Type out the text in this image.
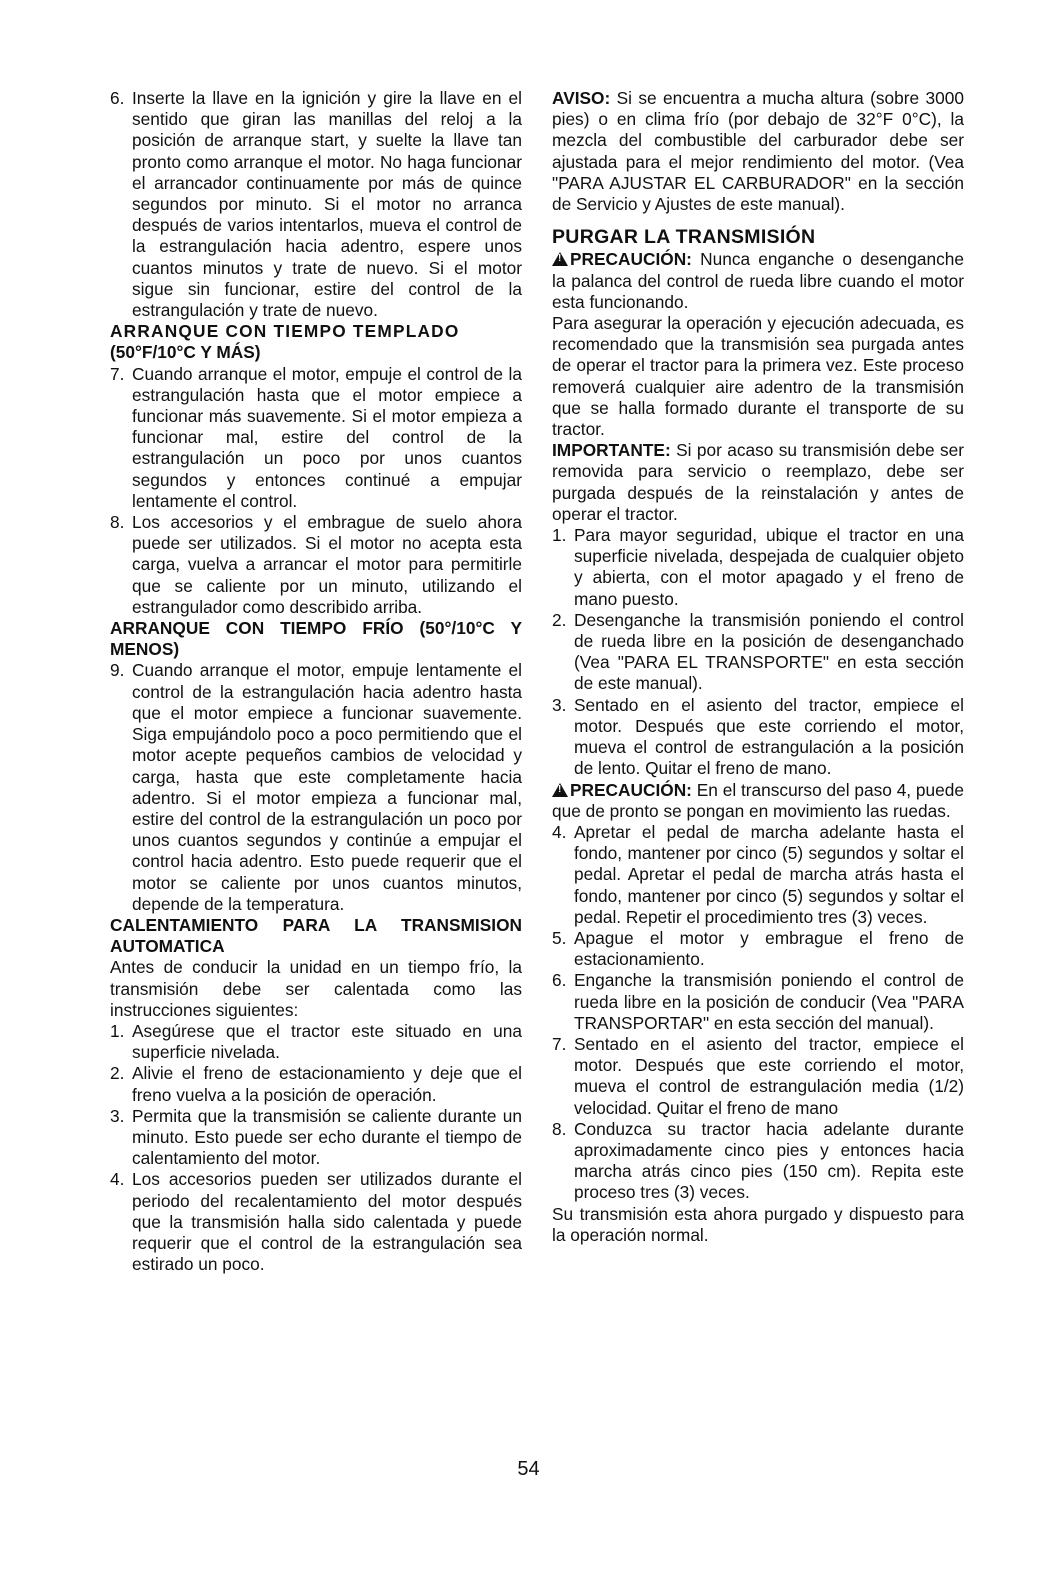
6. Inserte la llave en la ignición y gire la llave en el sentido que giran las manillas del reloj a la posición de arranque start, y suelte la llave tan pronto como arranque el motor. No haga funcionar el arrancador continuamente por más de quince segundos por minuto. Si el motor no arranca después de varios intentarlos, mueva el control de la estrangulación hacia adentro, espere unos cuantos minutos y trate de nuevo. Si el motor sigue sin funcionar, estire del control de la estrangulación y trate de nuevo.

ARRANQUE CON TIEMPO TEMPLADO

(50°F/10°C Y MÁS)

7. Cuando arranque el motor, empuje el control de la estrangulación hasta que el motor empiece a funcionar más suavemente. Si el motor empieza a funcionar mal, estire del control de la estrangulación un poco por unos cuantos segundos y entonces continué a empujar lentamente el control.
8. Los accesorios y el embrague de suelo ahora puede ser utilizados. Si el motor no acepta esta carga, vuelva a arrancar el motor para permitirle que se caliente por un minuto, utilizando el estrangulador como describido arriba.

ARRANQUE CON TIEMPO FRÍO (50°/10°C Y MENOS)

9. Cuando arranque el motor, empuje lentamente el control de la estrangulación hacia adentro hasta que el motor empiece a funcionar suavemente. Siga empujándolo poco a poco permitiendo que el motor acepte pequeños cambios de velocidad y carga, hasta que este completamente hacia adentro. Si el motor empieza a funcionar mal, estire del control de la estrangulación un poco por unos cuantos segundos y continúe a empujar el control hacia adentro. Esto puede requerir que el motor se caliente por unos cuantos minutos, depende de la temperatura.

CALENTAMIENTO PARA LA TRANSMISION AUTOMATICA

Antes de conducir la unidad en un tiempo frío, la transmisión debe ser calentada como las instrucciones siguientes:

1. Asegúrese que el tractor este situado en una superficie nivelada.
2. Alivie el freno de estacionamiento y deje que el freno vuelva a la posición de operación.
3. Permita que la transmisión se caliente durante un minuto. Esto puede ser echo durante el tiempo de calentamiento del motor.
4. Los accesorios pueden ser utilizados durante el periodo del recalentamiento del motor después que la transmisión halla sido calentada y puede requerir que el control de la estrangulación sea estirado un poco.

AVISO: Si se encuentra a mucha altura (sobre 3000 pies) o en clima frío (por debajo de 32°F 0°C), la mezcla del combustible del carburador debe ser ajustada para el mejor rendimiento del motor. (Vea "PARA AJUSTAR EL CARBURADOR" en la sección de Servicio y Ajustes de este manual).

PURGAR LA TRANSMISIÓN

!PRECAUCIÓN: Nunca enganche o desenganche la palanca del control de rueda libre cuando el motor esta funcionando.

Para asegurar la operación y ejecución adecuada, es recomendado que la transmisión sea purgada antes de operar el tractor para la primera vez. Este proceso removerá cualquier aire adentro de la transmisión que se halla formado durante el transporte de su tractor.

IMPORTANTE: Si por acaso su transmisión debe ser removida para servicio o reemplazo, debe ser purgada después de la reinstalación y antes de operar el tractor.

1. Para mayor seguridad, ubique el tractor en una superficie nivelada, despejada de cualquier objeto y abierta, con el motor apagado y el freno de mano puesto.
2. Desenganche la transmisión poniendo el control de rueda libre en la posición de desenganchado (Vea "PARA EL TRANSPORTE" en esta sección de este manual).
3. Sentado en el asiento del tractor, empiece el motor. Después que este corriendo el motor, mueva el control de estrangulación a la posición de lento. Quitar el freno de mano.

!PRECAUCIÓN: En el transcurso del paso 4, puede que de pronto se pongan en movimiento las ruedas.

4. Apretar el pedal de marcha adelante hasta el fondo, mantener por cinco (5) segundos y soltar el pedal. Apretar el pedal de marcha atrás hasta el fondo, mantener por cinco (5) segundos y soltar el pedal. Repetir el procedimiento tres (3) veces.
5. Apague el motor y embrague el freno de estacionamiento.
6. Enganche la transmisión poniendo el control de rueda libre en la posición de conducir (Vea "PARA TRANSPORTAR" en esta sección del manual).
7. Sentado en el asiento del tractor, empiece el motor. Después que este corriendo el motor, mueva el control de estrangulación media (1/2) velocidad. Quitar el freno de mano
8. Conduzca su tractor hacia adelante durante aproximadamente cinco pies y entonces hacia marcha atrás cinco pies (150 cm). Repita este proceso tres (3) veces.

Su transmisión esta ahora purgado y dispuesto para la operación normal.

54
